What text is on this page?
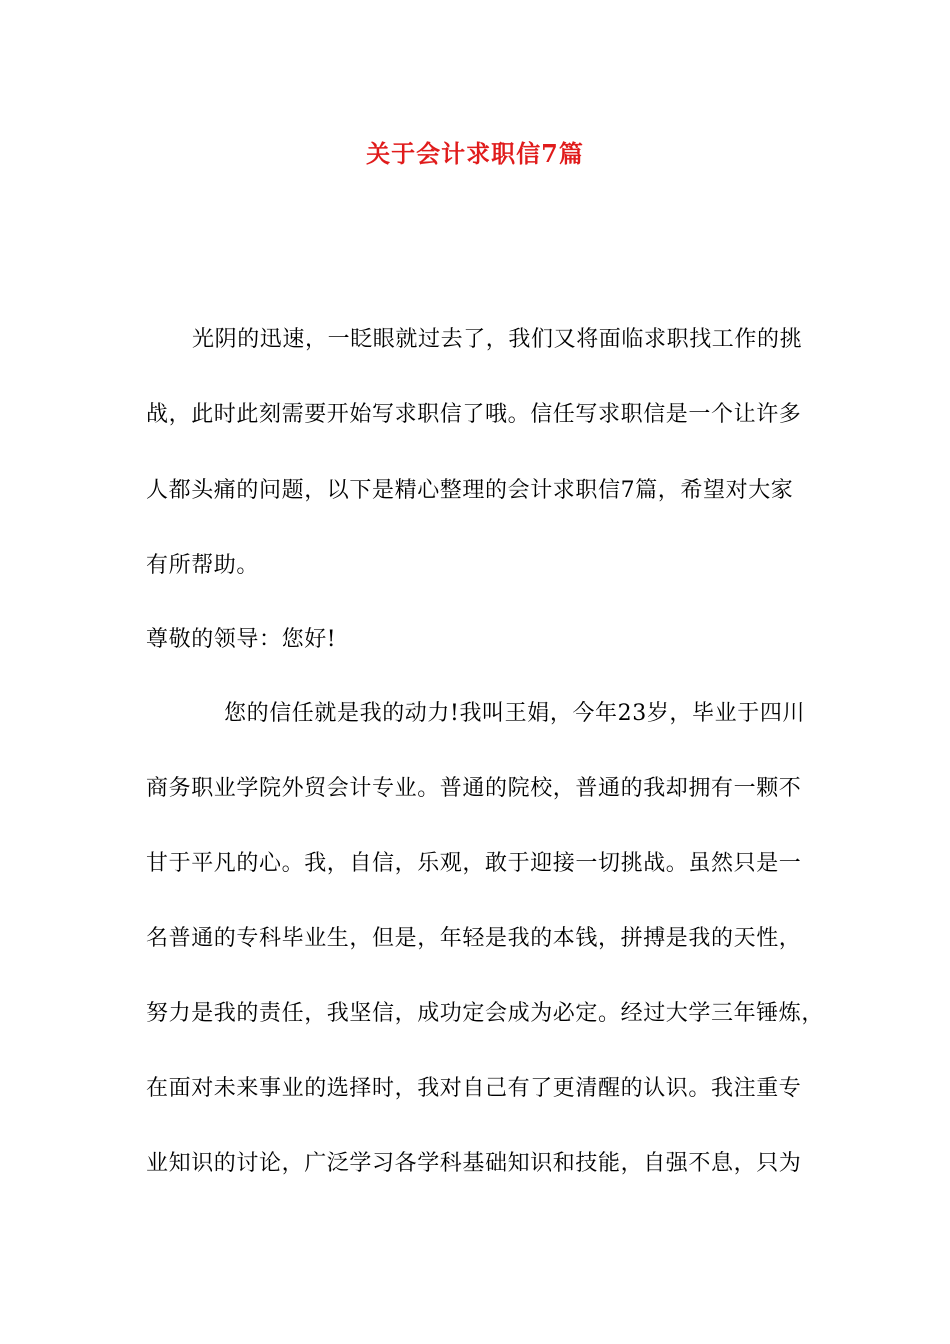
关于会计求职信7篇
光阴的迅速，一眨眼就过去了，我们又将面临求职找工作的挑
战，此时此刻需要开始写求职信了哦。信任写求职信是一个让许多
人都头痛的问题，以下是精心整理的会计求职信7篇，希望对大家
有所帮助。
尊敬的领导：您好!
您的信任就是我的动力!我叫王娟，今年23岁，毕业于四川
商务职业学院外贸会计专业。普通的院校，普通的我却拥有一颗不
甘于平凡的心。我，自信，乐观，敢于迎接一切挑战。虽然只是一
名普通的专科毕业生，但是，年轻是我的本钱，拼搏是我的天性，
努力是我的责任，我坚信，成功定会成为必定。经过大学三年锤炼，
在面对未来事业的选择时，我对自己有了更清醒的认识。我注重专
业知识的讨论，广泛学习各学科基础知识和技能，自强不息，只为
